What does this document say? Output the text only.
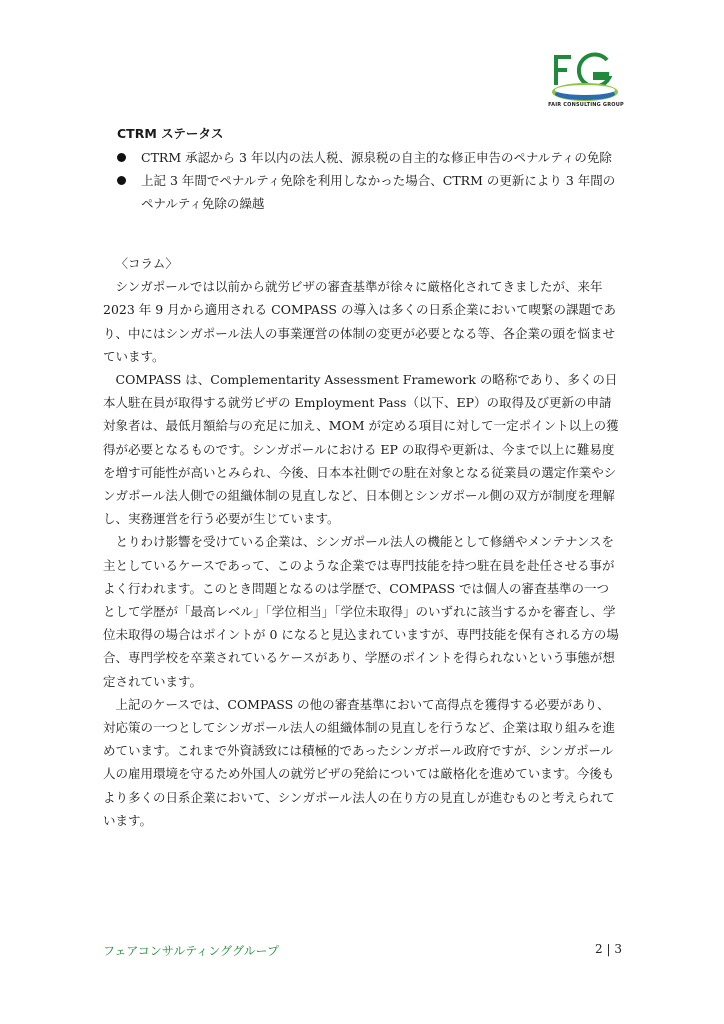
FAIR CONSULTING GROUP
CTRM ステータス
CTRM 承認から 3 年以内の法人税、源泉税の自主的な修正申告のペナルティの免除
上記 3 年間でペナルティ免除を利用しなかった場合、CTRM の更新により 3 年間のペナルティ免除の繰越

〈コラム〉

シンガポールでは以前から就労ビザの審査基準が徐々に厳格化されてきましたが、来年 2023 年 9 月から適用される COMPASS の導入は多くの日系企業において喫緊の課題であり、中にはシンガポール法人の事業運営の体制の変更が必要となる等、各企業の頭を悩ませています。

COMPASS は、Complementarity Assessment Framework の略称であり、多くの日本人駐在員が取得する就労ビザの Employment Pass（以下、EP）の取得及び更新の申請対象者は、最低月額給与の充足に加え、MOM が定める項目に対して一定ポイント以上の獲得が必要となるものです。シンガポールにおける EP の取得や更新は、今まで以上に難易度を増す可能性が高いとみられ、今後、日本本社側での駐在対象となる従業員の選定作業やシンガポール法人側での組織体制の見直しなど、日本側とシンガポール側の双方が制度を理解し、実務運営を行う必要が生じています。

とりわけ影響を受けている企業は、シンガポール法人の機能として修繕やメンテナンスを主としているケースであって、このような企業では専門技能を持つ駐在員を赴任させる事がよく行われます。このとき問題となるのは学歴で、COMPASS では個人の審査基準の一つとして学歴が「最高レベル」「学位相当」「学位未取得」のいずれに該当するかを審査し、学位未取得の場合はポイントが 0 になると見込まれていますが、専門技能を保有される方の場合、専門学校を卒業されているケースがあり、学歴のポイントを得られないという事態が想定されています。

上記のケースでは、COMPASS の他の審査基準において高得点を獲得する必要があり、対応策の一つとしてシンガポール法人の組織体制の見直しを行うなど、企業は取り組みを進めています。これまで外資誘致には積極的であったシンガポール政府ですが、シンガポール人の雇用環境を守るため外国人の就労ビザの発給については厳格化を進めています。今後もより多くの日系企業において、シンガポール法人の在り方の見直しが進むものと考えられています。

フェアコンサルティンググループ	2 | 3
